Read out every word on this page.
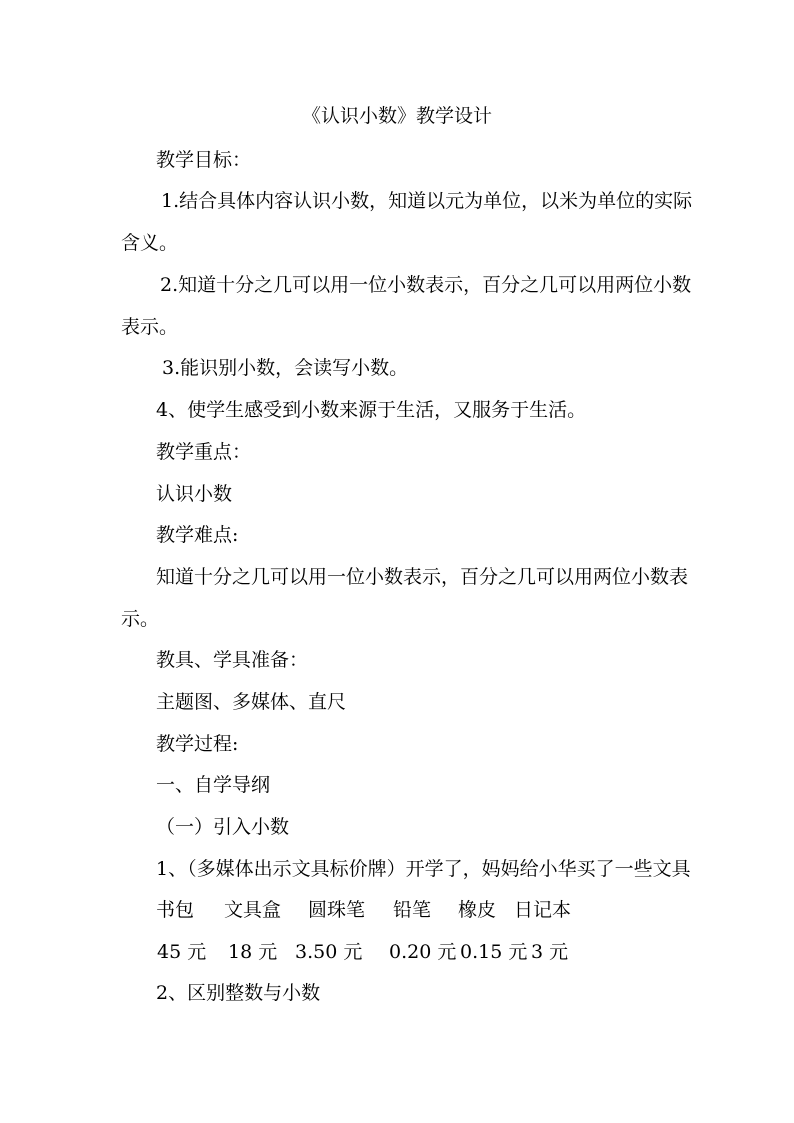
《认识小数》教学设计
教学目标：
1.结合具体内容认识小数，知道以元为单位，以米为单位的实际
含义。
2.知道十分之几可以用一位小数表示，百分之几可以用两位小数
表示。
3.能识别小数，会读写小数。
4、使学生感受到小数来源于生活，又服务于生活。
教学重点：
认识小数
教学难点:
知道十分之几可以用一位小数表示，百分之几可以用两位小数表
示。
教具、学具准备：
主题图、多媒体、直尺
教学过程:
一、自学导纲
（一）引入小数
1、（多媒体出示文具标价牌）开学了，妈妈给小华买了一些文具
书包 文具盒 圆珠笔 铅笔 橡皮 日记本
45 元 18 元 3.50 元 0.20 元 0.15 元 3 元
2、区别整数与小数
